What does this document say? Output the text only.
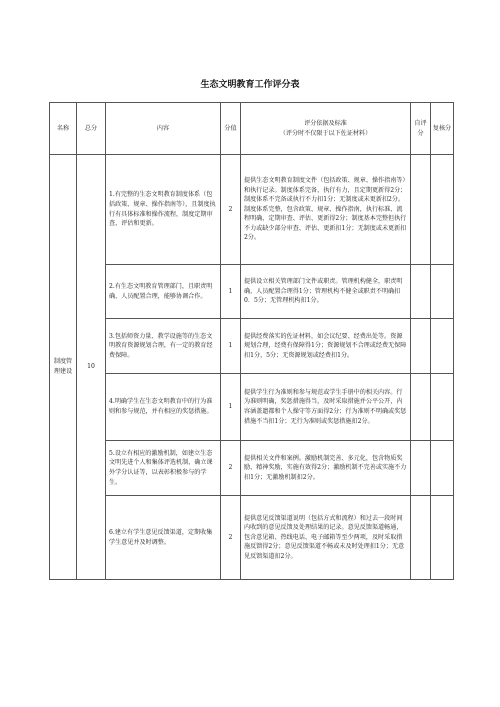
生态文明教育工作评分表
名称	总分	内容	分值	评分依据及标准
（评分时不仅限于以下佐证材料）	自评分	复核分
制度管理建设	10	1.有完整的生态文明教育制度体系（包括政策、规章、操作指南等），且制度执行有具体标准和操作流程，制度定期审查、评估和更新。	2	提供生态文明教育制度文件（包括政策、规章、操作指南等）和执行记录。制度体系完备，执行有力，且定期更新得2分；制度体系不完备或执行不力扣1分；无制度或未更新扣2分。制度体系完整，包含政策、规章、操作指南，执行标准、流程明确，定期审查、评估、更新得2分；制度基本完整但执行不力或缺少部分审查、评估、更新扣1分；无制度或未更新扣2分。		
		2.有生态文明教育管理部门，且职责明确、人员配置合理，能够协调合作。	1	提供设立相关管理部门文件或职责。管理机构健全，职责明确，人员配置合理得1分；管理机构不健全或职责不明确扣0．5分；无管理机构扣1分。		
		3.包括师资力量、教学设施等的生态文明教育资源规划合理，有一定的教育经费保障。	1	提供经费落实的佐证材料，如会议纪要、经费出处等。资源规划合理，经费有保障得1分；资源规划不合理或经费无保障扣1分，5分；无资源规划或经费扣1分。		
		4.明确学生在生态文明教育中的行为准则和参与规范，并有相应的奖惩措施。	1	提供学生行为准则和参与规范或学生手册中的相关内容。行为准则明确，奖惩措施得当，及时采取措施并公平公开，内容涵盖遗都和个人操守等方面得2分；行为准则不明确或奖惩措施不当扣1分；无行为准则或奖惩措施扣2分。		
		5.设立有相应的激励机制，如建立生态文明先进个人和集体评选机制、确立课外学分认证等，以表彰积极参与的学生。	2	提供相关文件和案例。激励机制完善、多元化，包含物质奖励、精神奖励，实施有效得2分；激励机制不完善或实施不力扣1分；无激励机制扣2分。		
		6.建立有学生意见反馈渠道，定期收集学生意见并及时调整。	2	提供意见反馈渠道说明（包括方式和流程）和过去一段时间内收到的意见反馈及处理结果的记录。意见反馈渠道畅通，包含意见箱、热线电话、电子邮箱等至少两项，及时采取措施反馈得2分；意见反馈渠道不畅或未及时处理扣1分；无意见反馈渠道扣2分。		
